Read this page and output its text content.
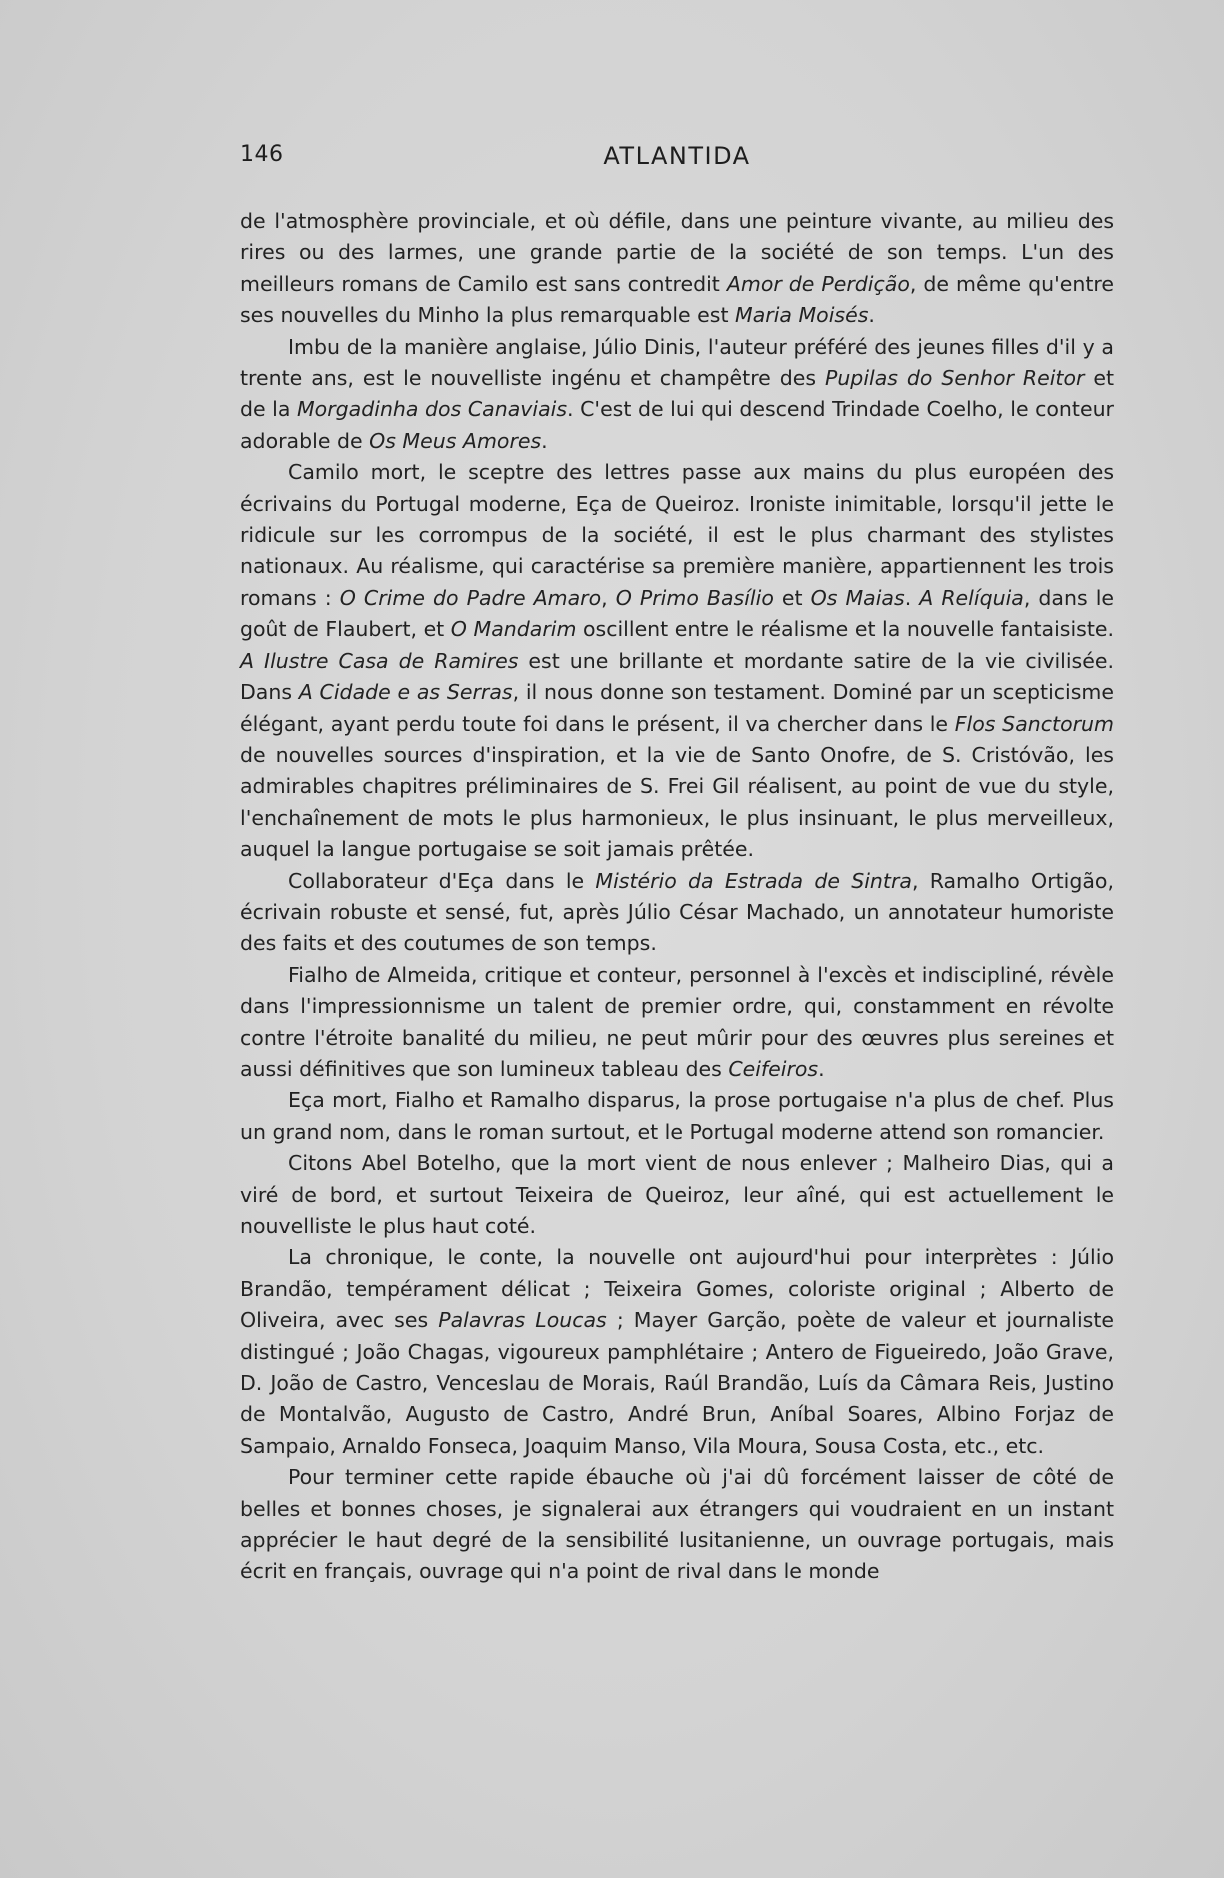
146	ATLANTIDA

de l'atmosphère provinciale, et où défile, dans une peinture vivante, au milieu des rires ou des larmes, une grande partie de la société de son temps. L'un des meilleurs romans de Camilo est sans contredit Amor de Perdição, de même qu'entre ses nouvelles du Minho la plus remarquable est Maria Moisés.

Imbu de la manière anglaise, Júlio Dinis, l'auteur préféré des jeunes filles d'il y a trente ans, est le nouvelliste ingénu et champêtre des Pupilas do Senhor Reitor et de la Morgadinha dos Canaviais. C'est de lui qui descend Trindade Coelho, le conteur adorable de Os Meus Amores.

Camilo mort, le sceptre des lettres passe aux mains du plus européen des écrivains du Portugal moderne, Eça de Queiroz. Ironiste inimitable, lorsqu'il jette le ridicule sur les corrompus de la société, il est le plus charmant des stylistes nationaux. Au réalisme, qui caractérise sa première manière, appartiennent les trois romans : O Crime do Padre Amaro, O Primo Basílio et Os Maias. A Relíquia, dans le goût de Flaubert, et O Mandarim oscillent entre le réalisme et la nouvelle fantaisiste. A Ilustre Casa de Ramires est une brillante et mordante satire de la vie civilisée. Dans A Cidade e as Serras, il nous donne son testament. Dominé par un scepticisme élégant, ayant perdu toute foi dans le présent, il va chercher dans le Flos Sanctorum de nouvelles sources d'inspiration, et la vie de Santo Onofre, de S. Cristóvão, les admirables chapitres préliminaires de S. Frei Gil réalisent, au point de vue du style, l'enchaînement de mots le plus harmonieux, le plus insinuant, le plus merveilleux, auquel la langue portugaise se soit jamais prêtée.

Collaborateur d'Eça dans le Mistério da Estrada de Sintra, Ramalho Ortigão, écrivain robuste et sensé, fut, après Júlio César Machado, un annotateur humoriste des faits et des coutumes de son temps.

Fialho de Almeida, critique et conteur, personnel à l'excès et indiscipliné, révèle dans l'impressionnisme un talent de premier ordre, qui, constamment en révolte contre l'étroite banalité du milieu, ne peut mûrir pour des œuvres plus sereines et aussi définitives que son lumineux tableau des Ceifeiros.

Eça mort, Fialho et Ramalho disparus, la prose portugaise n'a plus de chef. Plus un grand nom, dans le roman surtout, et le Portugal moderne attend son romancier.

Citons Abel Botelho, que la mort vient de nous enlever ; Malheiro Dias, qui a viré de bord, et surtout Teixeira de Queiroz, leur aîné, qui est actuellement le nouvelliste le plus haut coté.

La chronique, le conte, la nouvelle ont aujourd'hui pour interprètes : Júlio Brandão, tempérament délicat ; Teixeira Gomes, coloriste original ; Alberto de Oliveira, avec ses Palavras Loucas ; Mayer Garção, poète de valeur et journaliste distingué ; João Chagas, vigoureux pamphlétaire ; Antero de Figueiredo, João Grave, D. João de Castro, Venceslau de Morais, Raúl Brandão, Luís da Câmara Reis, Justino de Montalvão, Augusto de Castro, André Brun, Aníbal Soares, Albino Forjaz de Sampaio, Arnaldo Fonseca, Joaquim Manso, Vila Moura, Sousa Costa, etc., etc.

Pour terminer cette rapide ébauche où j'ai dû forcément laisser de côté de belles et bonnes choses, je signalerai aux étrangers qui voudraient en un instant apprécier le haut degré de la sensibilité lusitanienne, un ouvrage portugais, mais écrit en français, ouvrage qui n'a point de rival dans le monde
